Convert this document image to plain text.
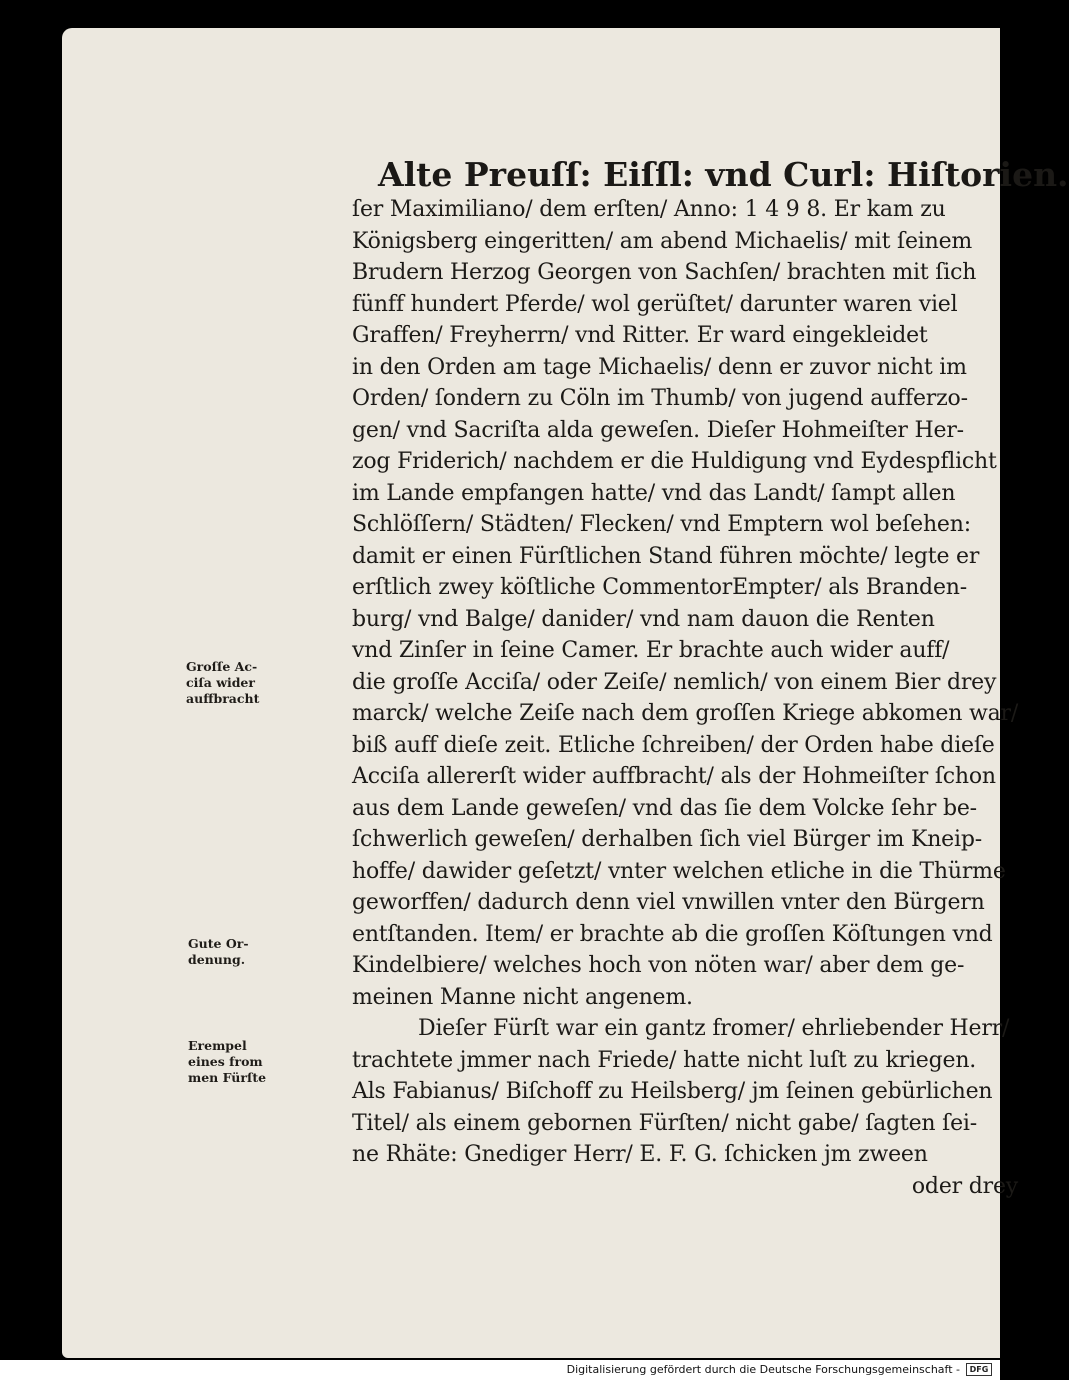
Alte Preuſſ: Eiſſl: vnd Curl: Hiſtorien.
ſer Maximiliano/ dem erſten/ Anno: 1 4 9 8. Er kam zu
Königsberg eingeritten/ am abend Michaelis/ mit ſeinem
Brudern Herzog Georgen von Sachſen/ brachten mit ſich
fünff hundert Pferde/ wol gerüſtet/ darunter waren viel
Graffen/ Freyherrn/ vnd Ritter. Er ward eingekleidet
in den Orden am tage Michaelis/ denn er zuvor nicht im
Orden/ ſondern zu Cöln im Thumb/ von jugend aufferzo-
gen/ vnd Sacriſta alda geweſen. Dieſer Hohmeiſter Her-
zog Friderich/ nachdem er die Huldigung vnd Eydespflicht
im Lande empfangen hatte/ vnd das Landt/ ſampt allen
Schlöſſern/ Städten/ Flecken/ vnd Emptern wol beſehen:
damit er einen Fürſtlichen Stand führen möchte/ legte er
erſtlich zwey köſtliche CommentorEmpter/ als Branden-
burg/ vnd Balge/ danider/ vnd nam dauon die Renten
vnd Zinſer in ſeine Camer. Er brachte auch wider auff/
die groſſe Acciſa/ oder Zeiſe/ nemlich/ von einem Bier drey
marck/ welche Zeiſe nach dem groſſen Kriege abkomen war/
biß auff dieſe zeit. Etliche ſchreiben/ der Orden habe dieſe
Acciſa allererſt wider auffbracht/ als der Hohmeiſter ſchon
aus dem Lande geweſen/ vnd das ſie dem Volcke ſehr be-
ſchwerlich geweſen/ derhalben ſich viel Bürger im Kneip-
hoffe/ dawider geſetzt/ vnter welchen etliche in die Thürme
geworffen/ dadurch denn viel vnwillen vnter den Bürgern
entſtanden. Item/ er brachte ab die groſſen Köſtungen vnd
Kindelbiere/ welches hoch von nöten war/ aber dem ge-
meinen Manne nicht angenem.
Dieſer Fürſt war ein gantz fromer/ ehrliebender Herr/
trachtete jmmer nach Friede/ hatte nicht luſt zu kriegen.
Als Fabianus/ Biſchoff zu Heilsberg/ jm ſeinen gebürlichen
Titel/ als einem gebornen Fürſten/ nicht gabe/ ſagten ſei-
ne Rhäte: Gnediger Herr/ E. F. G. ſchicken jm zween
oder drey
Groſſe Ac-
ciſa wider
auffbracht
Gute Or-
denung.
Erempel
eines from
men Fürſte
Digitalisierung gefördert durch die Deutsche Forschungsgemeinschaft -	DFG
